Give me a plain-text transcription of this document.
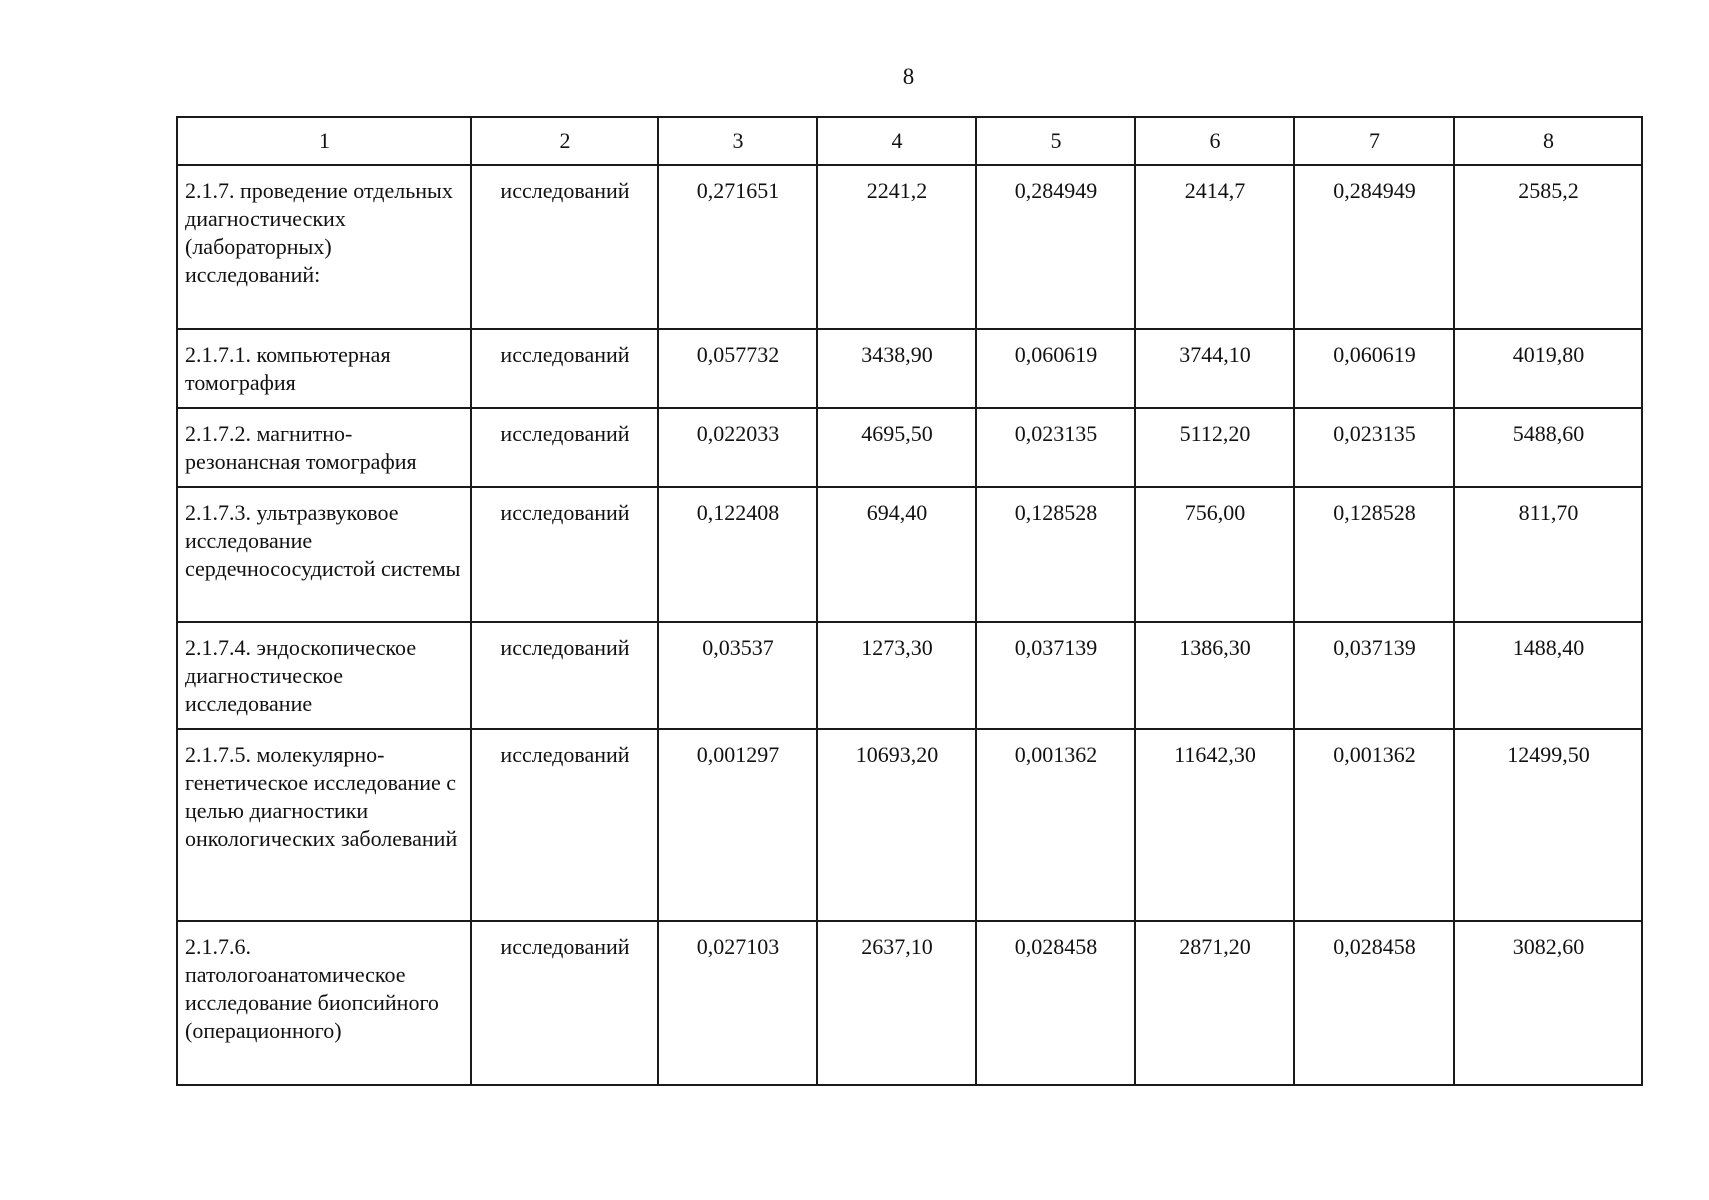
8
1	2	3	4	5	6	7	8
2.1.7. проведение отдельных диагностических (лабораторных) исследований:	исследований	0,271651	2241,2	0,284949	2414,7	0,284949	2585,2
2.1.7.1. компьютерная томография	исследований	0,057732	3438,90	0,060619	3744,10	0,060619	4019,80
2.1.7.2. магнитно-резонансная томография	исследований	0,022033	4695,50	0,023135	5112,20	0,023135	5488,60
2.1.7.3. ультразвуковое исследование сердечнососудистой системы	исследований	0,122408	694,40	0,128528	756,00	0,128528	811,70
2.1.7.4. эндоскопическое диагностическое исследование	исследований	0,03537	1273,30	0,037139	1386,30	0,037139	1488,40
2.1.7.5. молекулярно-генетическое исследование с целью диагностики онкологических заболеваний	исследований	0,001297	10693,20	0,001362	11642,30	0,001362	12499,50
2.1.7.6. патологоанатомическое исследование биопсийного (операционного)	исследований	0,027103	2637,10	0,028458	2871,20	0,028458	3082,60
